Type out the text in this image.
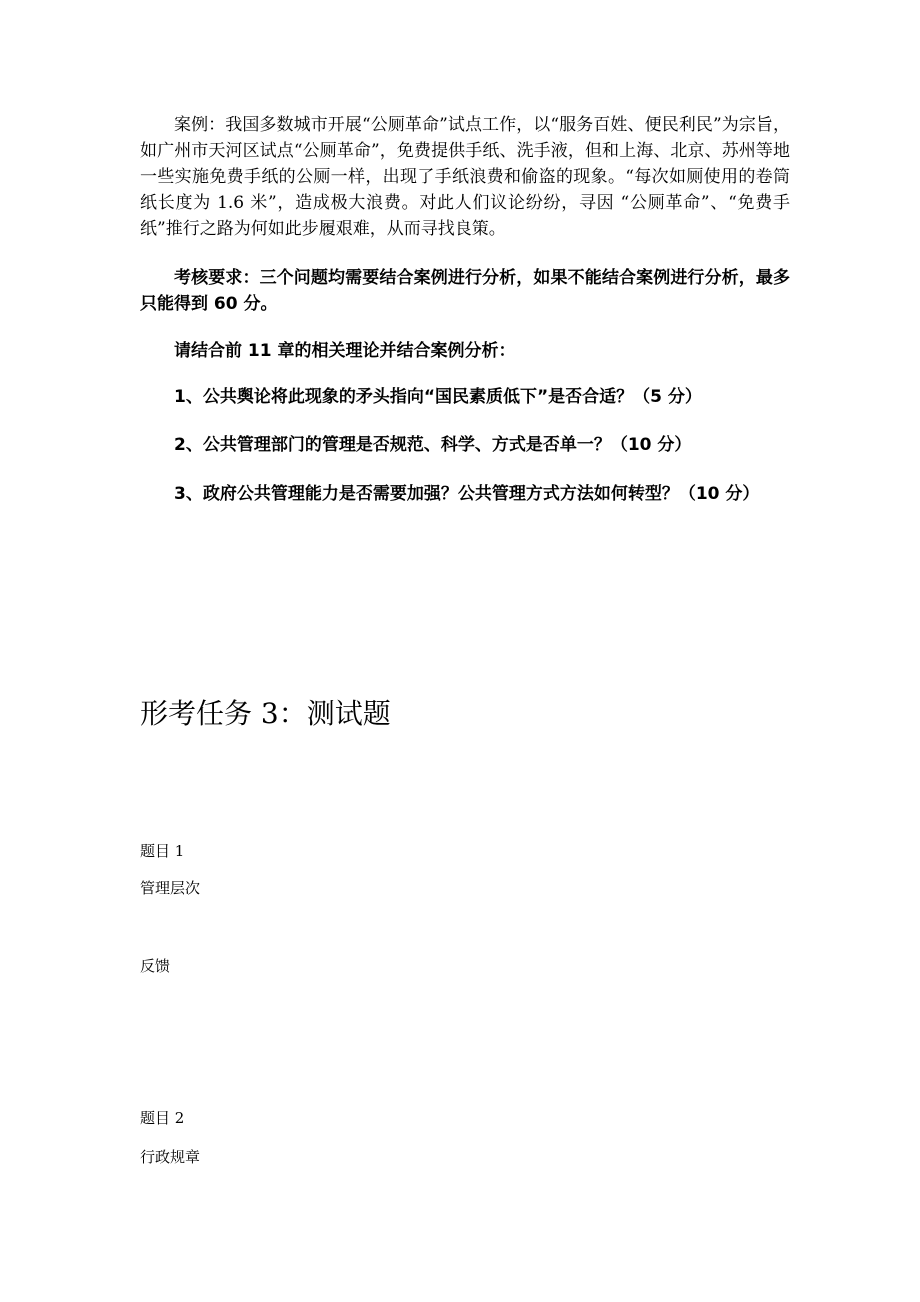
案例：我国多数城市开展“公厕革命”试点工作，以“服务百姓、便民利民”为宗旨，如广州市天河区试点“公厕革命”，免费提供手纸、洗手液，但和上海、北京、苏州等地一些实施免费手纸的公厕一样，出现了手纸浪费和偷盗的现象。“每次如厕使用的卷筒纸长度为 1.6 米”，造成极大浪费。对此人们议论纷纷，寻因 “公厕革命”、“免费手纸”推行之路为何如此步履艰难，从而寻找良策。

考核要求：三个问题均需要结合案例进行分析，如果不能结合案例进行分析，最多只能得到 60 分。

请结合前 11 章的相关理论并结合案例分析：

1、公共舆论将此现象的矛头指向“国民素质低下”是否合适？（5 分）

2、公共管理部门的管理是否规范、科学、方式是否单一？（10 分）

3、政府公共管理能力是否需要加强？公共管理方式方法如何转型？（10 分）

形考任务 3：测试题

题目 1

管理层次

反馈

题目 2

行政规章
